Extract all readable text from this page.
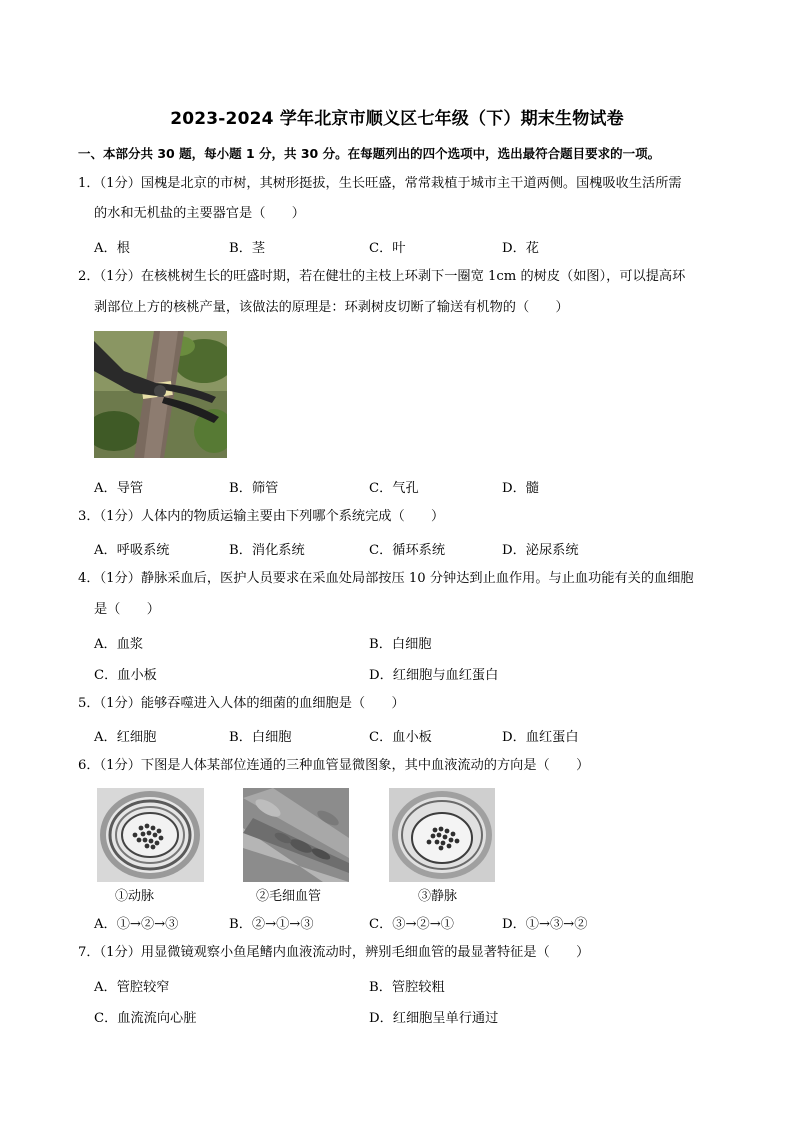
2023-2024 学年北京市顺义区七年级（下）期末生物试卷
一、本部分共 30 题，每小题 1 分，共 30 分。在每题列出的四个选项中，选出最符合题目要求的一项。
1．（1分）国槐是北京的市树，其树形挺拔，生长旺盛，常常栽植于城市主干道两侧。国槐吸收生活所需
的水和无机盐的主要器官是（　　）
A．根	B．茎	C．叶	D．花
2．（1分）在核桃树生长的旺盛时期，若在健壮的主枝上环剥下一圈宽 1cm 的树皮（如图），可以提高环
剥部位上方的核桃产量，该做法的原理是：环剥树皮切断了输送有机物的（　　）
A．导管	B．筛管	C．气孔	D．髓
3．（1分）人体内的物质运输主要由下列哪个系统完成（　　）
A．呼吸系统	B．消化系统	C．循环系统	D．泌尿系统
4．（1分）静脉采血后，医护人员要求在采血处局部按压 10 分钟达到止血作用。与止血功能有关的血细胞
是（　　）
A．血浆	B．白细胞
C．血小板	D．红细胞与血红蛋白
5．（1分）能够吞噬进入人体的细菌的血细胞是（　　）
A．红细胞	B．白细胞	C．血小板	D．血红蛋白
6．（1分）下图是人体某部位连通的三种血管显微图象，其中血液流动的方向是（　　）
①动脉	②毛细血管	③静脉
A．①→②→③	B．②→①→③	C．③→②→①	D．①→③→②
7．（1分）用显微镜观察小鱼尾鳍内血液流动时，辨别毛细血管的最显著特征是（　　）
A．管腔较窄	B．管腔较粗
C．血流流向心脏	D．红细胞呈单行通过
